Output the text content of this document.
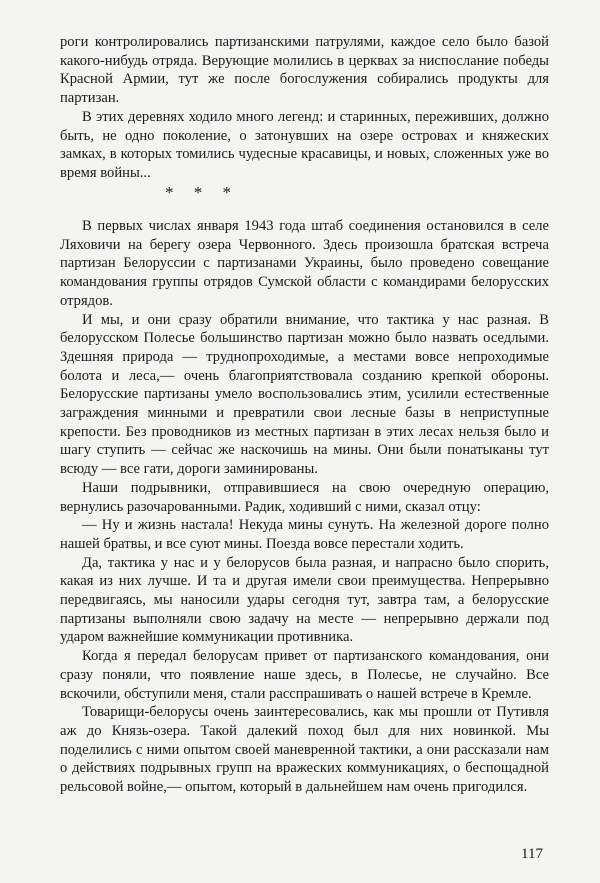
роги контролировались партизанскими патрулями, каждое село было базой какого-нибудь отряда. Верующие молились в церквах за ниспослание победы Красной Армии, тут же после богослужения собирались продукты для партизан.

В этих деревнях ходило много легенд: и старинных, пережившиx, должно быть, не одно поколение, о затонувших на озере островах и княжеских замках, в которых томились чудесные красавицы, и новых, сложенных уже во время войны...

* * *

В первых числах января 1943 года штаб соединения остановился в селе Ляховичи на берегу озера Червонного. Здесь произошла братская встреча партизан Белоруссии с партизанами Украины, было проведено совещание командования группы отрядов Сумской области с командирами белорусских отрядов.

И мы, и они сразу обратили внимание, что тактика у нас разная. В белорусском Полесье большинство партизан можно было назвать оседлыми. Здешняя природа — труднопроходимые, а местами вовсе непроходимые болота и леса,— очень благоприятствовала созданию крепкой обороны. Белорусские партизаны умело воспользовались этим, усилили естественные заграждения минными и превратили свои лесные базы в неприступные крепости. Без проводников из местных партизан в этих лесах нельзя было и шагу ступить — сейчас же наскочишь на мины. Они были понатыканы тут всюду — все гати, дороги заминированы.

Наши подрывники, отправившиеся на свою очередную операцию, вернулись разочарованными. Радик, ходивший с ними, сказал отцу:

— Ну и жизнь настала! Некуда мины сунуть. На железной дороге полно нашей братвы, и все суют мины. Поезда вовсе перестали ходить.

Да, тактика у нас и у белорусов была разная, и напрасно было спорить, какая из них лучше. И та и другая имели свои преимущества. Непрерывно передвигаясь, мы наносили удары сегодня тут, завтра там, а белорусские партизаны выполняли свою задачу на месте — непрерывно держали под ударом важнейшие коммуникации противника.

Когда я передал белорусам привет от партизанского командования, они сразу поняли, что появление наше здесь, в Полесье, не случайно. Все вскочили, обступили меня, стали расспрашивать о нашей встрече в Кремле.

Товарищи-белорусы очень заинтересовались, как мы прошли от Путивля аж до Князь-озера. Такой далекий поход был для них новинкой. Мы поделились с ними опытом своей маневренной тактики, а они рассказали нам о действиях подрывных групп на вражеских коммуникациях, о беспощадной рельсовой войне,— опытом, который в дальнейшем нам очень пригодился.

117
